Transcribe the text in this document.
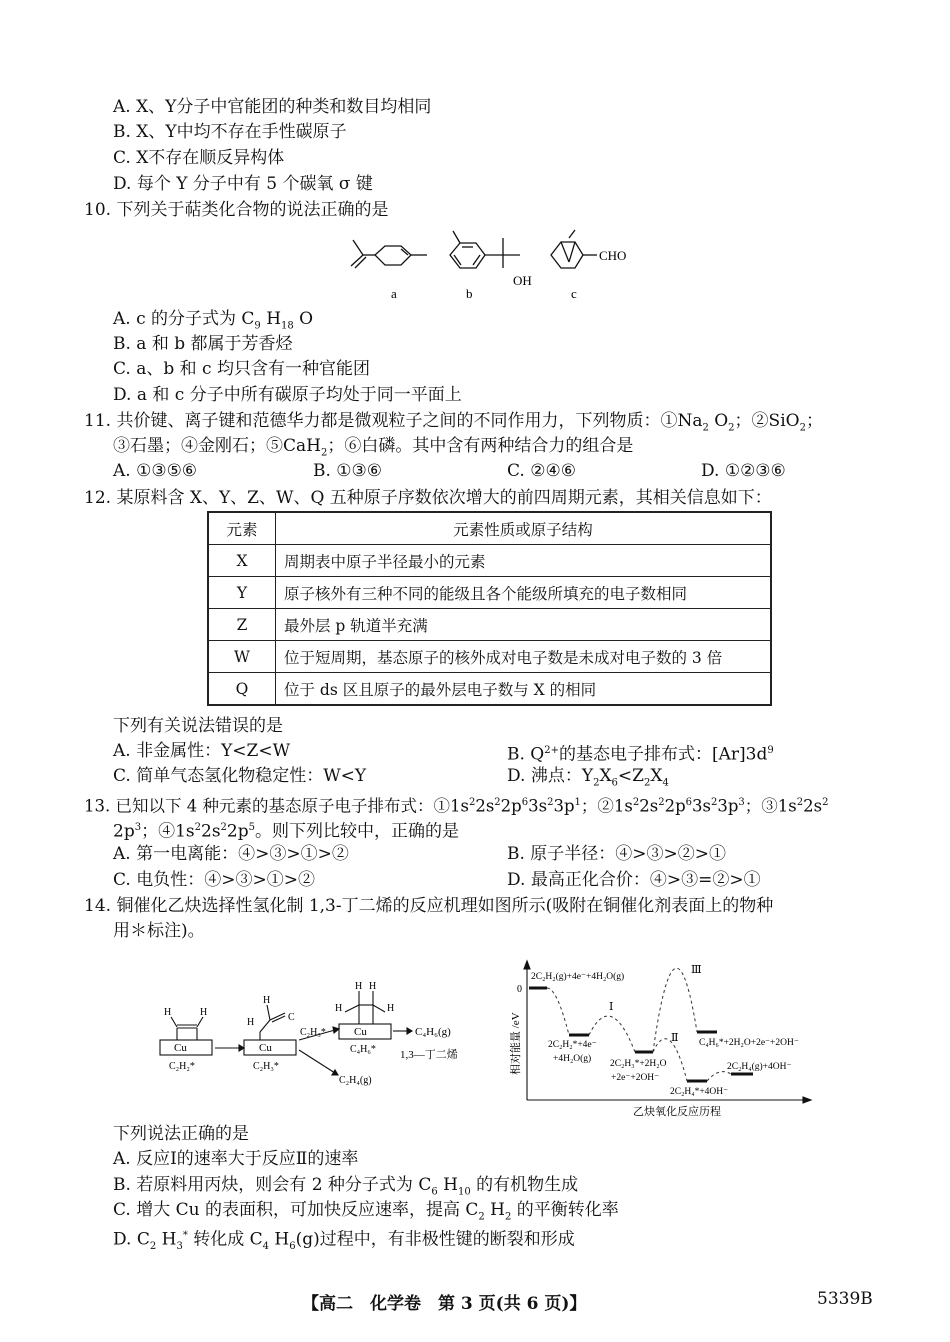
A. X、Y分子中官能团的种类和数目均相同
B. X、Y中均不存在手性碳原子
C. X不存在顺反异构体
D. 每个 Y 分子中有 5 个碳氧 σ 键
10. 下列关于萜类化合物的说法正确的是
OH
CHO
a	b	c
A. c 的分子式为 $C_9$ $H_{18}$ O
B. a 和 b 都属于芳香烃
C. a、b 和 c 均只含有一种官能团
D. a 和 c 分子中所有碳原子均处于同一平面上
11. 共价键、离子键和范德华力都是微观粒子之间的不同作用力，下列物质：$①Na_2$ $O_2$；②SiO$_2$；
③石墨；④金刚石；⑤CaH$_2$；⑥白磷。其中含有两种结合力的组合是
A. ①③⑤⑥	B. ①③⑥	C. ②④⑥	D. ①②③⑥
12. 某原料含 X、Y、Z、W、Q 五种原子序数依次增大的前四周期元素，其相关信息如下：
元素	元素性质或原子结构
X	周期表中原子半径最小的元素
Y	原子核外有三种不同的能级且各个能级所填充的电子数相同
Z	最外层 p 轨道半充满
W	位于短周期，基态原子的核外成对电子数是未成对电子数的 3 倍
Q	位于 ds 区且原子的最外层电子数与 X 的相同
下列有关说法错误的是
A. 非金属性：Y<Z<W	B. $Q^{2+}$的基态电子排布式：$[Ar]3d^9$
C. 简单气态氢化物稳定性：W<Y	D. 沸点：$Y_2X_6<Z_2X_4$
13. 已知以下 4 种元素的基态原子电子排布式：$①1s^22s^22p^63s^23p^1$；$②1s^22s^22p^63s^23p^3$；$③1s^22s^2$
$2p^3$；$④1s^22s^22p^5$。则下列比较中，正确的是
A. 第一电离能：④>③>①>②	B. 原子半径：④>③>②>①
C. 电负性：④>③>①>②	D. 最高正化合价：④>③=②>①
14. 铜催化乙炔选择性氢化制 1,3-丁二烯的反应机理如图所示(吸附在铜催化剂表面上的物种
用＊标注)。
Cu	Cu
Cu
H	H
H
H	C
H H
H	H
C₂H₂*	C₂H₃*
C₄H₆*
C₂H₃*	C₄H₆(g)
C₂H₄(g)
1,3—丁二烯
0
2C₂H₂(g)+4e⁻+4H₂O(g)
2C₂H₂*+4e⁻
+4H₂O(g) 2C₂H₃*+2H₂O
+2e⁻+2OH⁻
2C₂H₄*+4OH⁻
C₄H₆*+2H₂O+2e⁻+2OH⁻
2C₂H₄(g)+4OH⁻
Ⅰ
Ⅱ
Ⅲ
乙炔氧化反应历程
相对能量 /eV
下列说法正确的是
A. 反应Ⅰ的速率大于反应Ⅱ的速率
B. 若原料用丙炔，则会有 2 种分子式为 $C_6$ $H_{10}$ 的有机物生成
C. 增大 Cu 的表面积，可加快反应速率，提高 $C_2$ $H_2$ 的平衡转化率
D. $C_2$ $H_3^*$ 转化成 $C_4$ $H_6(g)$过程中，有非极性键的断裂和形成
【高二　化学卷　第 3 页(共 6 页)】	5339B
